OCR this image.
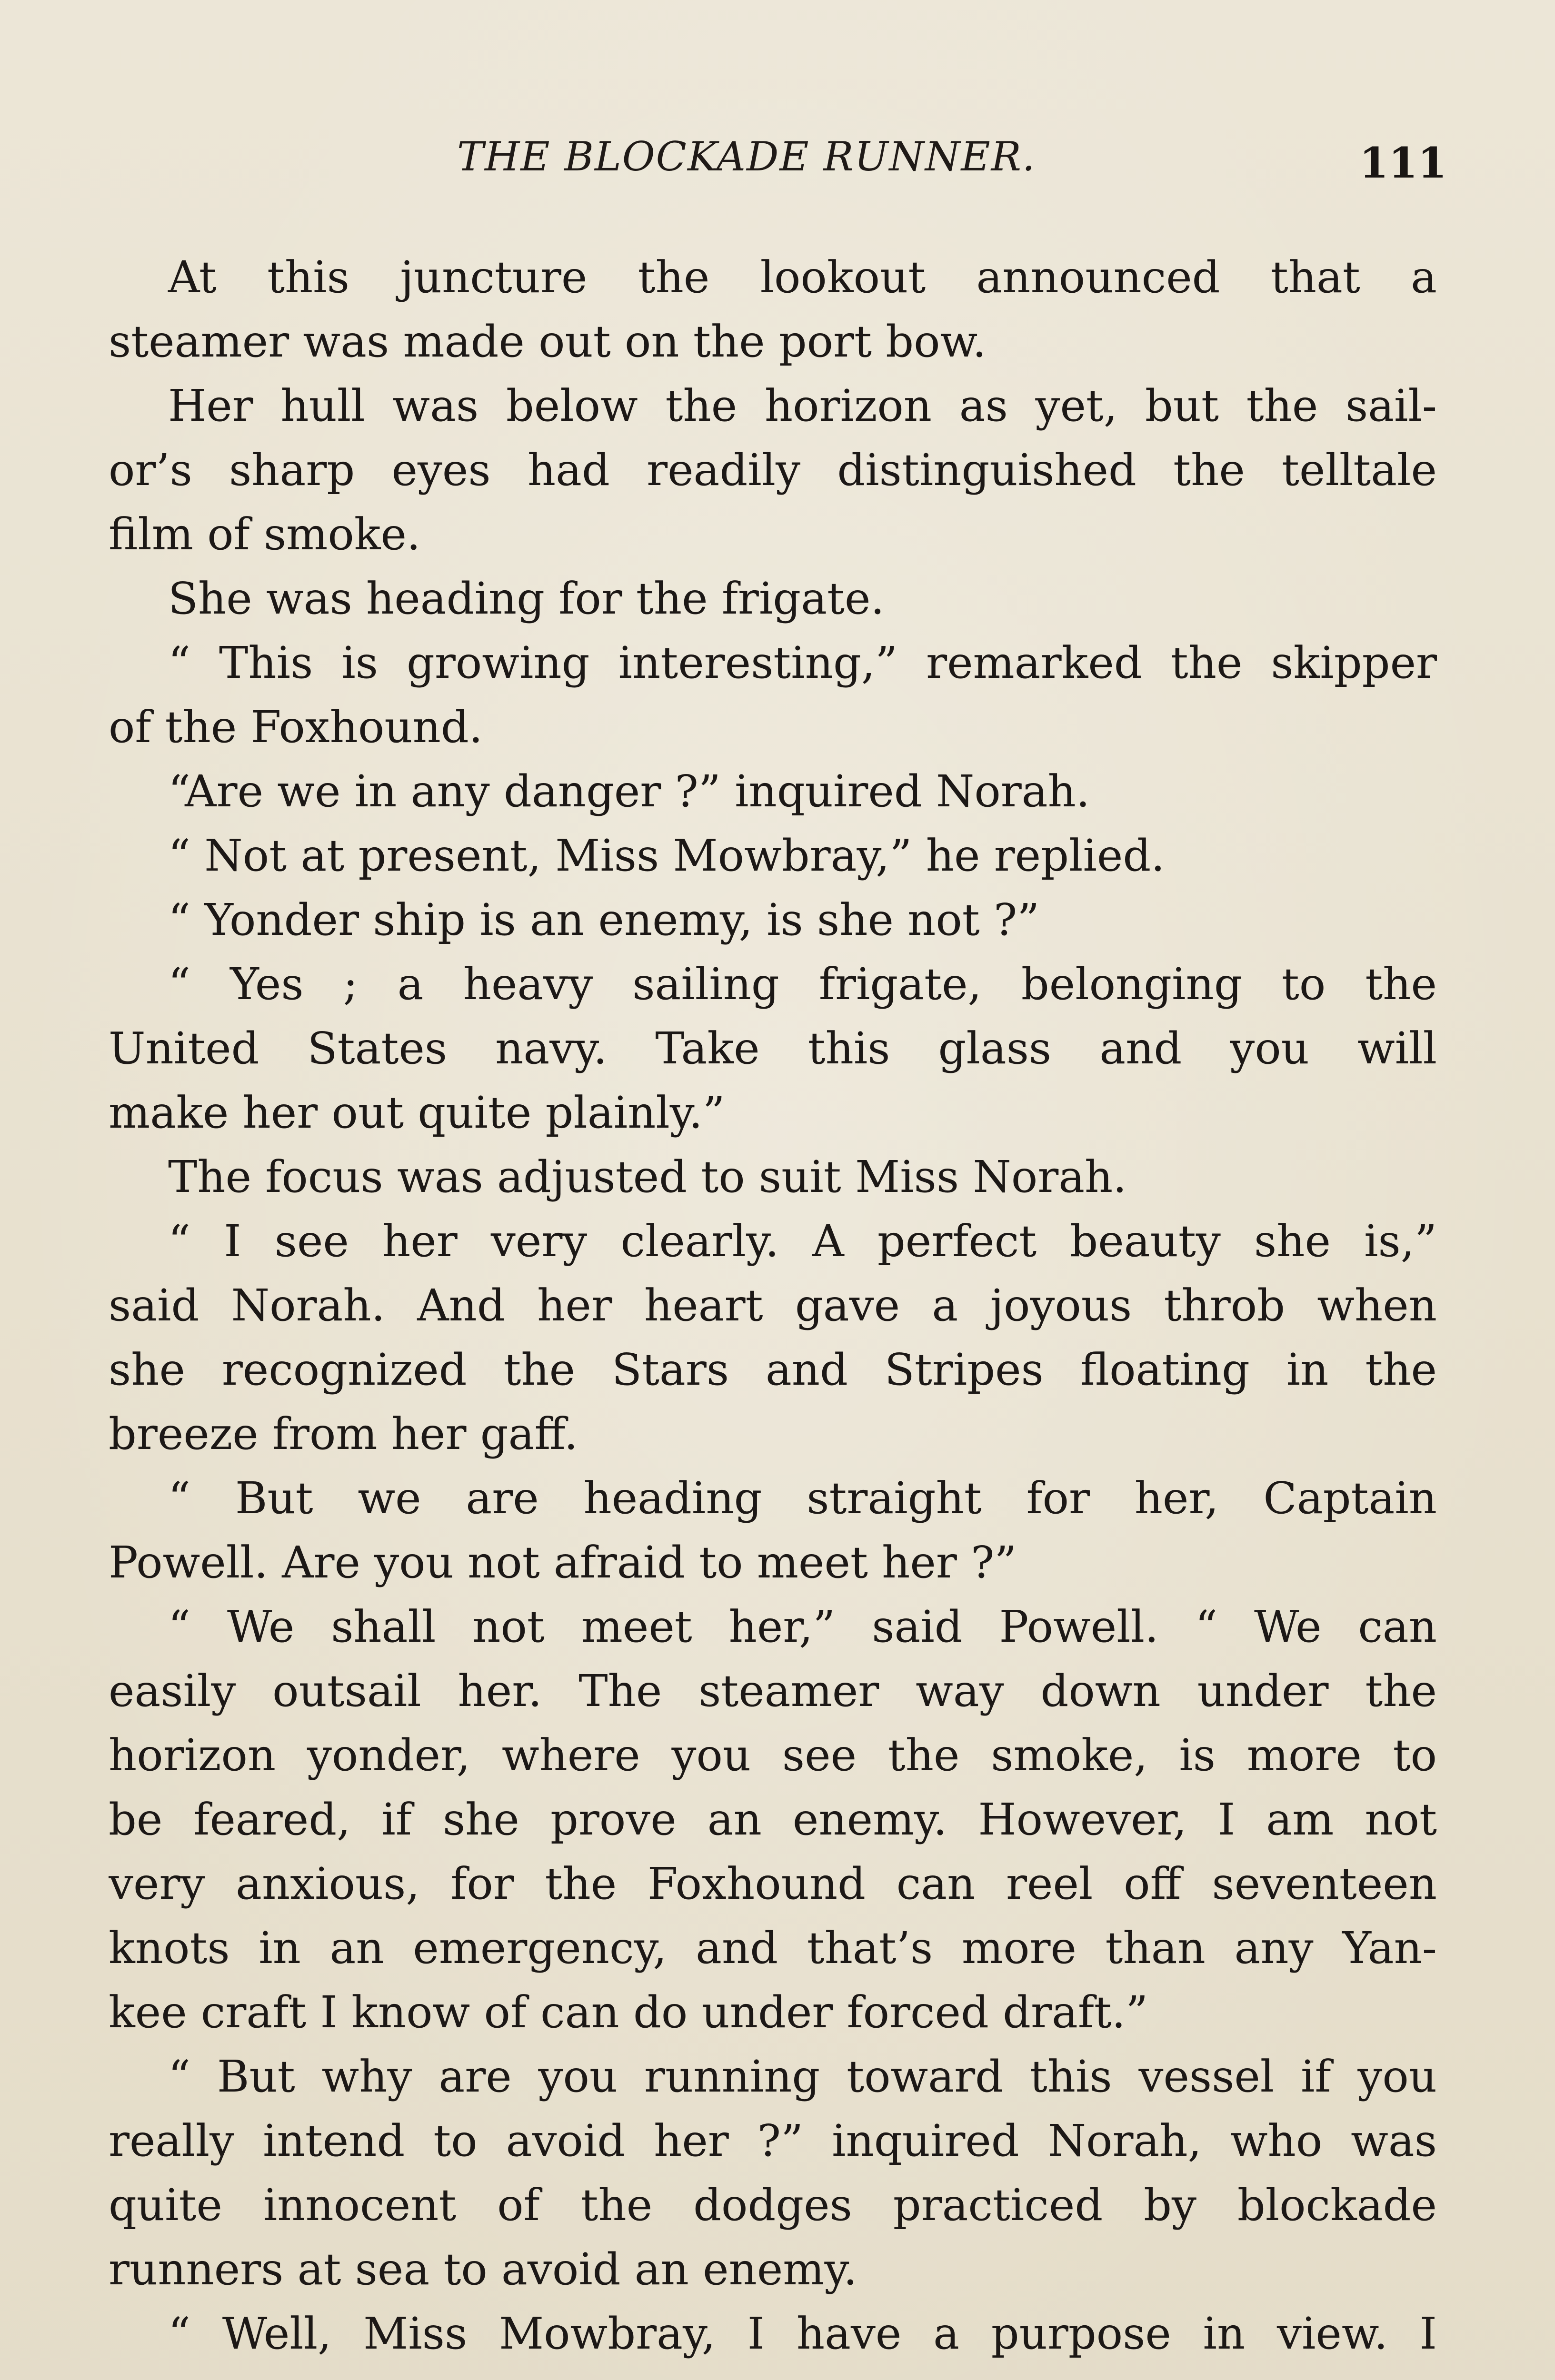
THE BLOCKADE RUNNER.	111
At this juncture the lookout announced that a
steamer was made out on the port bow.
Her hull was below the horizon as yet, but the sail-
or’s sharp eyes had readily distinguished the telltale
film of smoke.
She was heading for the frigate.
“ This is growing interesting,” remarked the skipper
of the Foxhound.
“Are we in any danger ?” inquired Norah.
“ Not at present, Miss Mowbray,” he replied.
“ Yonder ship is an enemy, is she not ?”
“ Yes ; a heavy sailing frigate, belonging to the
United States navy. Take this glass and you will
make her out quite plainly.”
The focus was adjusted to suit Miss Norah.
“ I see her very clearly. A perfect beauty she is,”
said Norah. And her heart gave a joyous throb when
she recognized the Stars and Stripes floating in the
breeze from her gaff.
“ But we are heading straight for her, Captain
Powell. Are you not afraid to meet her ?”
“ We shall not meet her,” said Powell. “ We can
easily outsail her. The steamer way down under the
horizon yonder, where you see the smoke, is more to
be feared, if she prove an enemy. However, I am not
very anxious, for the Foxhound can reel off seventeen
knots in an emergency, and that’s more than any Yan-
kee craft I know of can do under forced draft.”
“ But why are you running toward this vessel if you
really intend to avoid her ?” inquired Norah, who was
quite innocent of the dodges practiced by blockade
runners at sea to avoid an enemy.
“ Well, Miss Mowbray, I have a purpose in view. I
